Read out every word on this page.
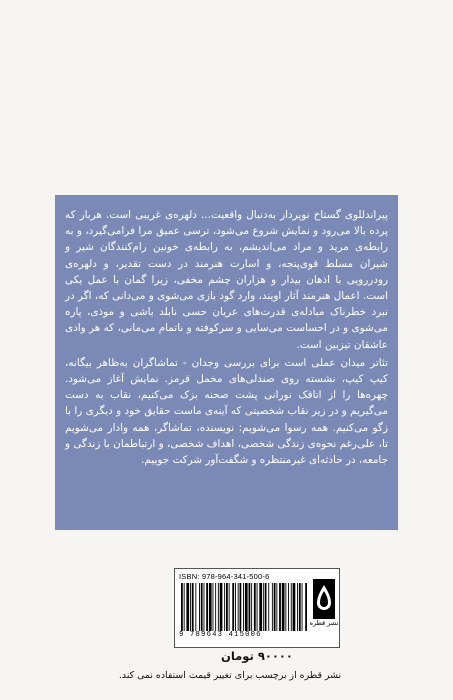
پیراندللوی گستاخ نوپرداز به‌دنبال واقعیت... دلهره‌ی غریبی است. هربار که پرده بالا می‌رود و نمایش شروع می‌شود، ترسی عمیق مرا فرامی‌گیرد، و به رابطه‌ی مرید و مراد می‌اندیشم، به رابطه‌ی خونین رام‌کنندگان شیر و شیران مسلط قوی‌پنجه، و اسارت هنرمند در دست تقدیر، و دلهره‌ی رودررویی با اذهان بیدار و هزاران چشم مخفی، زیرا گمان با عمل یکی است. اعمال هنرمند آثار اویند، وارد گود بازی می‌شوی و می‌دانی که، اگر در نبرد خطرناک مبادله‌ی قدرت‌های عریان حسی نابلد باشی و موذی، پاره می‌شوی و در احساست می‌سایی و سرکوفته و ناتمام می‌مانی، که هر وادی عاشقان تیزبین است.

تئاتر میدان عملی است برای بررسی وجدان - تماشاگران به‌ظاهر بیگانه، کیپ کیپ، نشسته روی صندلی‌های مخمل قرمز. نمایش آغاز می‌شود. چهره‌ها را از اتاقک نورانی پشت صحنه بزک می‌کنیم، نقاب به دست می‌گیریم و در زیر نقاب شخصیتی که آینه‌ی ماست حقایق خود و دیگری را با زگو می‌کنیم. همه رسوا می‌شویم: نویسنده، تماشاگر، همه وادار می‌شویم تا، علی‌رغم نحوه‌ی زندگی شخصی، اهداف شخصی، و ارتباطمان با زندگی و جامعه، در حادثه‌ای غیرمنتظره و شگفت‌آور شرکت جوییم.

ISBN: 978-964-341-500-6
9 789643 415006
نشر قطره
۹۰۰۰۰ تومان
نشر قطره از برچسب برای تغییر قیمت استفاده نمی کند.
